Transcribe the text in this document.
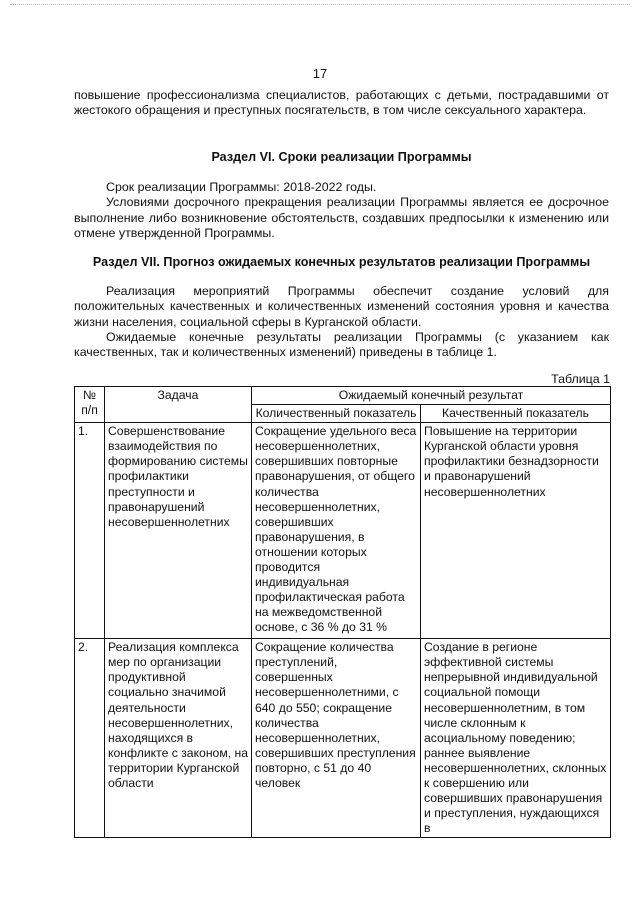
17

повышение профессионализма специалистов, работающих с детьми, пострадавшими от жестокого обращения и преступных посягательств, в том числе сексуального характера.

Раздел VI. Сроки реализации Программы

Срок реализации Программы: 2018-2022 годы.

Условиями досрочного прекращения реализации Программы является ее досрочное выполнение либо возникновение обстоятельств, создавших предпосылки к изменению или отмене утвержденной Программы.

Раздел VII. Прогноз ожидаемых конечных результатов реализации Программы

Реализация мероприятий Программы обеспечит создание условий для положительных качественных и количественных изменений состояния уровня и качества жизни населения, социальной сферы в Курганской области.

Ожидаемые конечные результаты реализации Программы (с указанием как качественных, так и количественных изменений) приведены в таблице 1.

Таблица 1
№ п/п	Задача	Ожидаемый конечный результат	
		Количественный показатель	Качественный показатель
1.	Совершенствование взаимодействия по формированию системы профилактики преступности и правонарушений несовершеннолетних	Сокращение удельного веса несовершеннолетних, совершивших повторные правонарушения, от общего количества несовершеннолетних, совершивших правонарушения, в отношении которых проводится индивидуальная профилактическая работа на межведомственной основе, с 36 % до 31 %	Повышение на территории Курганской области уровня профилактики безнадзорности и правонарушений несовершеннолетних
2.	Реализация комплекса мер по организации продуктивной социально значимой деятельности несовершеннолетних, находящихся в конфликте с законом, на территории Курганской области	Сокращение количества преступлений, совершенных несовершеннолетними, с 640 до 550; сокращение количества несовершеннолетних, совершивших преступления повторно, с 51 до 40 человек	Создание в регионе эффективной системы непрерывной индивидуальной социальной помощи несовершеннолетним, в том числе склонным к асоциальному поведению; раннее выявление несовершеннолетних, склонных к совершению или совершивших правонарушения и преступления, нуждающихся в
